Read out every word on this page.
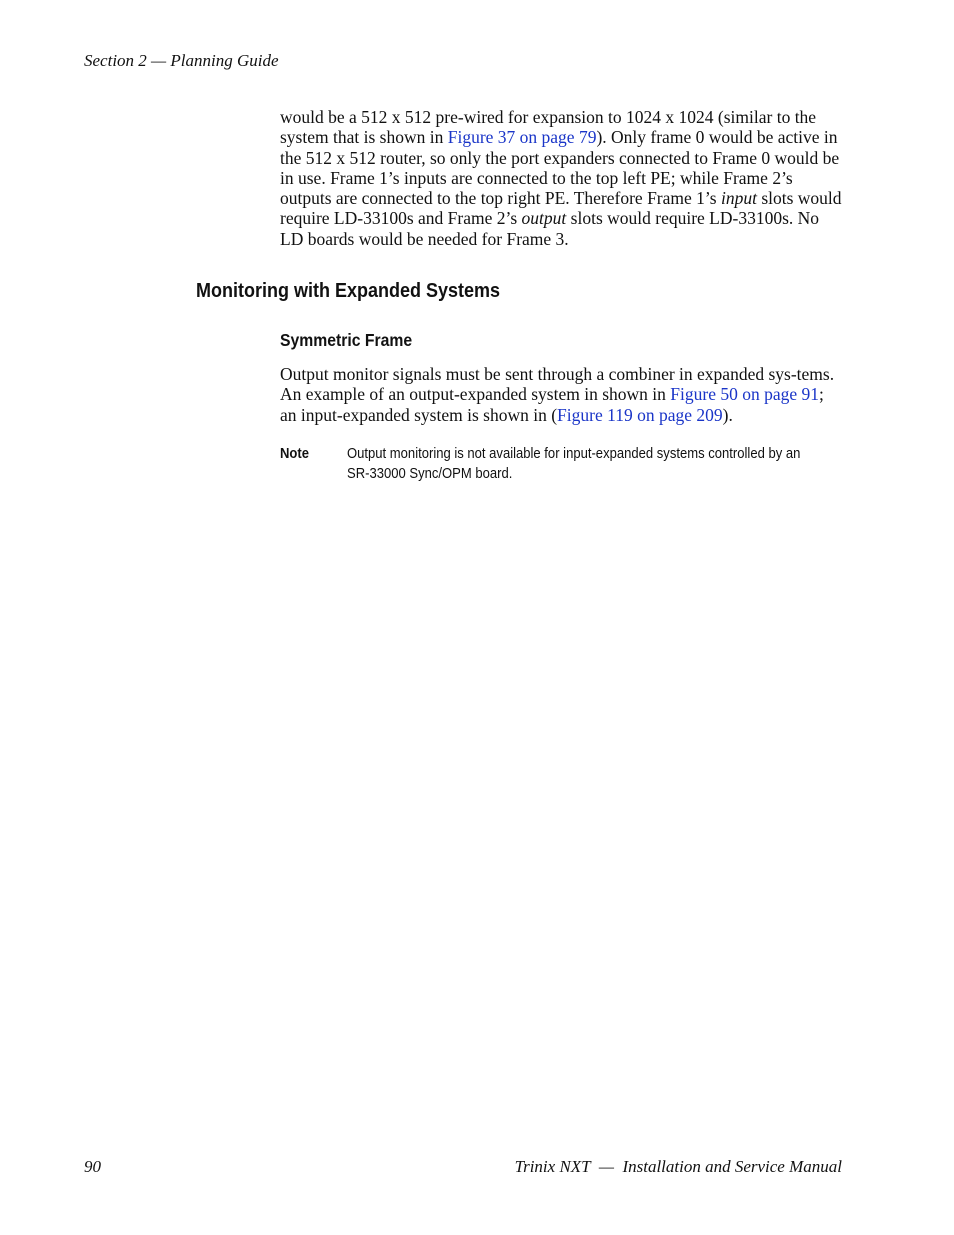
Section 2 — Planning Guide
would be a 512 x 512 pre-wired for expansion to 1024 x 1024 (similar to the system that is shown in Figure 37 on page 79). Only frame 0 would be active in the 512 x 512 router, so only the port expanders connected to Frame 0 would be in use. Frame 1’s inputs are connected to the top left PE; while Frame 2’s outputs are connected to the top right PE. Therefore Frame 1’s input slots would require LD-33100s and Frame 2’s output slots would require LD-33100s. No LD boards would be needed for Frame 3.
Monitoring with Expanded Systems
Symmetric Frame
Output monitor signals must be sent through a combiner in expanded sys-tems. An example of an output-expanded system in shown in Figure 50 on page 91; an input-expanded system is shown in (Figure 119 on page 209).
Note	Output monitoring is not available for input-expanded systems controlled by an SR-33000 Sync/OPM board.
90	Trinix NXT  —  Installation and Service Manual
